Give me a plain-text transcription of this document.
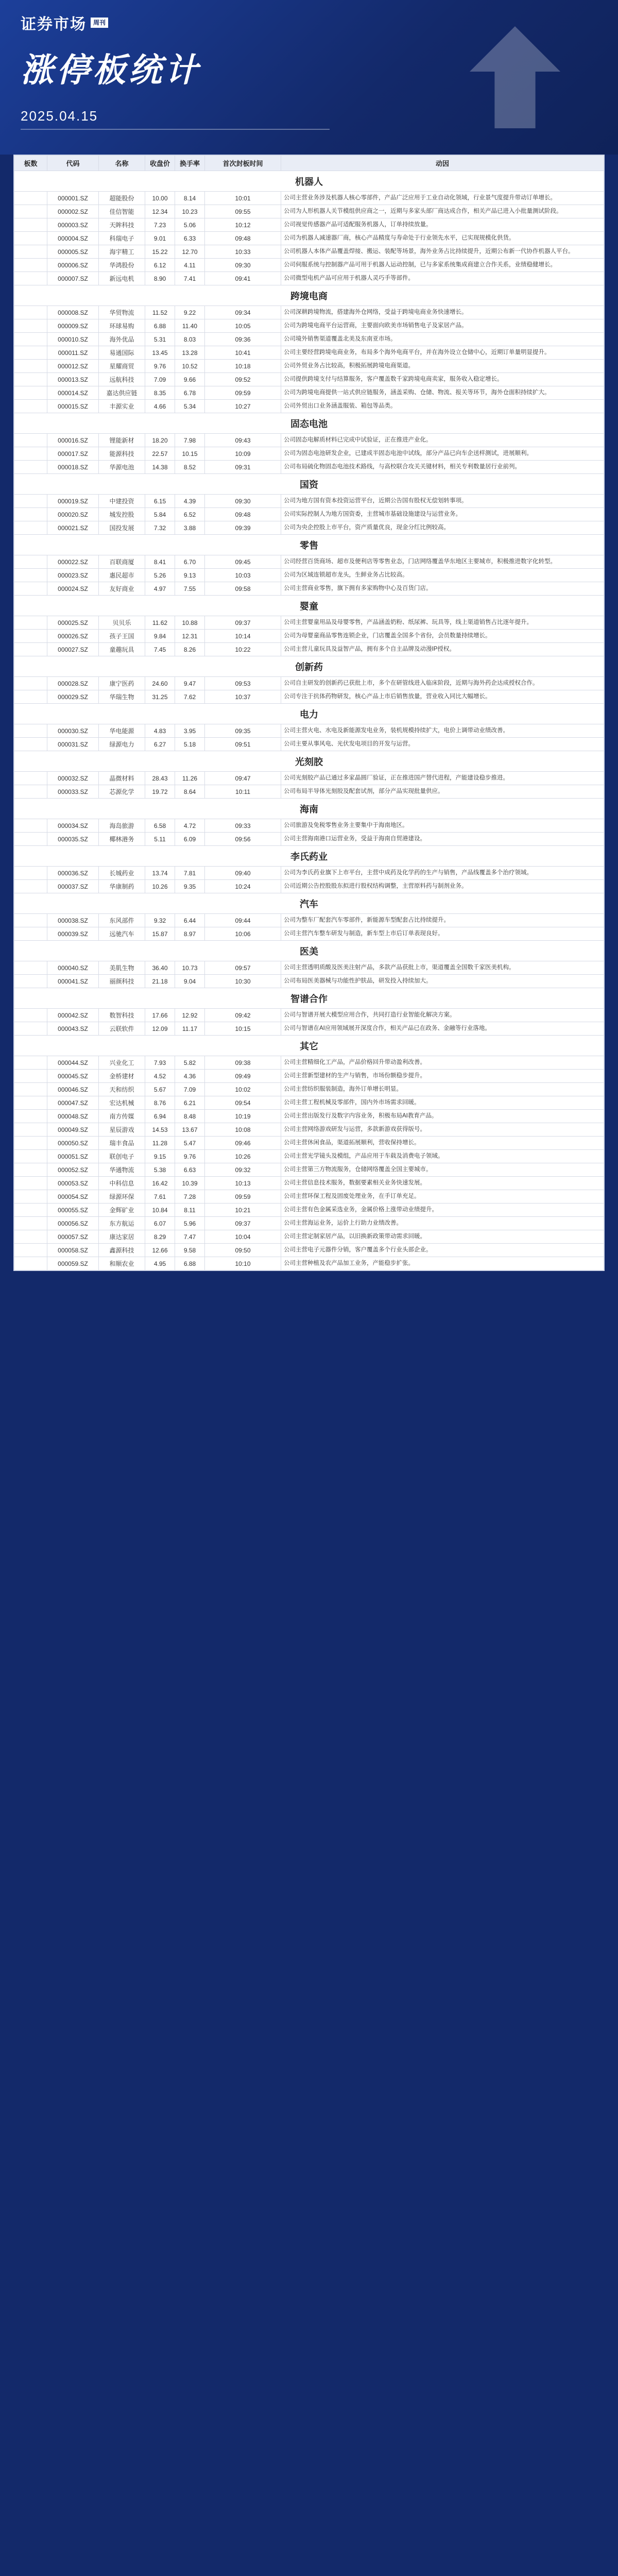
证券市场	周刊
涨停板统计
2025.04.15
板数	代码	名称	收盘价	换手率	首次封板时间	动因
机器人						
	000001.SZ	超能股份	10.00	8.14	10:01	公司主营业务涉及机器人核心零部件，产品广泛应用于工业自动化领域，行业景气度提升带动订单增长。
	000002.SZ	佳信智能	12.34	10.23	09:55	公司为人形机器人关节模组供应商之一，近期与多家头部厂商达成合作，相关产品已进入小批量测试阶段。
	000003.SZ	天眸科技	7.23	5.06	10:12	公司视觉传感器产品可适配服务机器人，订单持续放量。
	000004.SZ	科瑞电子	9.01	6.33	09:48	公司为机器人减速器厂商，核心产品精度与寿命处于行业领先水平，已实现规模化供货。
	000005.SZ	海宇精工	15.22	12.70	10:33	公司机器人本体产品覆盖焊接、搬运、装配等场景，海外业务占比持续提升，近期公布新一代协作机器人平台。
	000006.SZ	华鸿股份	6.12	4.11	09:30	公司伺服系统与控制器产品可用于机器人运动控制，已与多家系统集成商建立合作关系，业绩稳健增长。
	000007.SZ	新远电机	8.90	7.41	09:41	公司微型电机产品可应用于机器人灵巧手等部件。
跨境电商						
	000008.SZ	华贸物流	11.52	9.22	09:34	公司深耕跨境物流，搭建海外仓网络，受益于跨境电商业务快速增长。
	000009.SZ	环球易购	6.88	11.40	10:05	公司为跨境电商平台运营商，主要面向欧美市场销售电子及家居产品。
	000010.SZ	海外优品	5.31	8.03	09:36	公司境外销售渠道覆盖北美及东南亚市场。
	000011.SZ	易通国际	13.45	13.28	10:41	公司主要经营跨境电商业务，布局多个海外电商平台，并在海外设立仓储中心，近期订单量明显提升。
	000012.SZ	星耀商贸	9.76	10.52	10:18	公司外贸业务占比较高，积极拓展跨境电商渠道。
	000013.SZ	远航科技	7.09	9.66	09:52	公司提供跨境支付与结算服务，客户覆盖数千家跨境电商卖家，服务收入稳定增长。
	000014.SZ	嘉达供应链	8.35	6.78	09:59	公司为跨境电商提供一站式供应链服务，涵盖采购、仓储、物流、报关等环节，海外仓面积持续扩大。
	000015.SZ	丰源实业	4.66	5.34	10:27	公司外贸出口业务涵盖服装、箱包等品类。
固态电池						
	000016.SZ	锂能新材	18.20	7.98	09:43	公司固态电解质材料已完成中试验证，正在推进产业化。
	000017.SZ	能源科技	22.57	10.15	10:09	公司为固态电池研发企业，已建成半固态电池中试线，部分产品已向车企送样测试，进展顺利。
	000018.SZ	华源电池	14.38	8.52	09:31	公司布局硫化物固态电池技术路线，与高校联合攻关关键材料，相关专利数量居行业前列。
国资						
	000019.SZ	中建投资	6.15	4.39	09:30	公司为地方国有资本投资运营平台，近期公告国有股权无偿划转事项。
	000020.SZ	城发控股	5.84	6.52	09:48	公司实际控制人为地方国资委，主营城市基础设施建设与运营业务。
	000021.SZ	国投发展	7.32	3.88	09:39	公司为央企控股上市平台，资产质量优良，现金分红比例较高。
零售						
	000022.SZ	百联商厦	8.41	6.70	09:45	公司经营百货商场、超市及便利店等零售业态，门店网络覆盖华东地区主要城市，积极推进数字化转型。
	000023.SZ	惠民超市	5.26	9.13	10:03	公司为区域连锁超市龙头，生鲜业务占比较高。
	000024.SZ	友好商业	4.97	7.55	09:58	公司主营商业零售，旗下拥有多家购物中心及百货门店。
婴童						
	000025.SZ	贝贝乐	11.62	10.88	09:37	公司主营婴童用品及母婴零售，产品涵盖奶粉、纸尿裤、玩具等，线上渠道销售占比逐年提升。
	000026.SZ	孩子王国	9.84	12.31	10:14	公司为母婴童商品零售连锁企业，门店覆盖全国多个省份，会员数量持续增长。
	000027.SZ	童趣玩具	7.45	8.26	10:22	公司主营儿童玩具及益智产品，拥有多个自主品牌及动漫IP授权。
创新药						
	000028.SZ	康宁医药	24.60	9.47	09:53	公司自主研发的创新药已获批上市，多个在研管线进入临床阶段，近期与海外药企达成授权合作。
	000029.SZ	华瑞生物	31.25	7.62	10:37	公司专注于抗体药物研发，核心产品上市后销售放量，营业收入同比大幅增长。
电力						
	000030.SZ	华电能源	4.83	3.95	09:35	公司主营火电、水电及新能源发电业务，装机规模持续扩大，电价上调带动业绩改善。
	000031.SZ	绿源电力	6.27	5.18	09:51	公司主要从事风电、光伏发电项目的开发与运营。
光刻胶						
	000032.SZ	晶微材料	28.43	11.26	09:47	公司光刻胶产品已通过多家晶圆厂验证，正在推进国产替代进程，产能建设稳步推进。
	000033.SZ	芯源化学	19.72	8.64	10:11	公司布局半导体光刻胶及配套试剂，部分产品实现批量供应。
海南						
	000034.SZ	海岛旅游	6.58	4.72	09:33	公司旅游及免税零售业务主要集中于海南地区。
	000035.SZ	椰林港务	5.11	6.09	09:56	公司主营海南港口运营业务，受益于海南自贸港建设。
李氏药业						
	000036.SZ	长城药业	13.74	7.81	09:40	公司为李氏药业旗下上市平台，主营中成药及化学药的生产与销售，产品线覆盖多个治疗领域。
	000037.SZ	华康制药	10.26	9.35	10:24	公司近期公告控股股东拟进行股权结构调整，主营原料药与制剂业务。
汽车						
	000038.SZ	东风部件	9.32	6.44	09:44	公司为整车厂配套汽车零部件，新能源车型配套占比持续提升。
	000039.SZ	远驰汽车	15.87	8.97	10:06	公司主营汽车整车研发与制造，新车型上市后订单表现良好。
医美						
	000040.SZ	美肌生物	36.40	10.73	09:57	公司主营透明质酸及医美注射产品，多款产品获批上市，渠道覆盖全国数千家医美机构。
	000041.SZ	丽颜科技	21.18	9.04	10:30	公司布局医美器械与功能性护肤品，研发投入持续加大。
智谱合作						
	000042.SZ	数智科技	17.66	12.92	09:42	公司与智谱开展大模型应用合作，共同打造行业智能化解决方案。
	000043.SZ	云联软件	12.09	11.17	10:15	公司与智谱在AI应用领域展开深度合作，相关产品已在政务、金融等行业落地。
其它						
	000044.SZ	兴业化工	7.93	5.82	09:38	公司主营精细化工产品，产品价格回升带动盈利改善。
	000045.SZ	金桥建材	4.52	4.36	09:49	公司主营新型建材的生产与销售，市场份额稳步提升。
	000046.SZ	天和纺织	5.67	7.09	10:02	公司主营纺织服装制造，海外订单增长明显。
	000047.SZ	宏达机械	8.76	6.21	09:54	公司主营工程机械及零部件，国内外市场需求回暖。
	000048.SZ	南方传媒	6.94	8.48	10:19	公司主营出版发行及数字内容业务，积极布局AI教育产品。
	000049.SZ	星辰游戏	14.53	13.67	10:08	公司主营网络游戏研发与运营，多款新游戏获得版号。
	000050.SZ	瑞丰食品	11.28	5.47	09:46	公司主营休闲食品，渠道拓展顺利，营收保持增长。
	000051.SZ	联创电子	9.15	9.76	10:26	公司主营光学镜头及模组，产品应用于车载及消费电子领域。
	000052.SZ	华通物流	5.38	6.63	09:32	公司主营第三方物流服务，仓储网络覆盖全国主要城市。
	000053.SZ	中科信息	16.42	10.39	10:13	公司主营信息技术服务，数据要素相关业务快速发展。
	000054.SZ	绿源环保	7.61	7.28	09:59	公司主营环保工程及固废处理业务，在手订单充足。
	000055.SZ	金辉矿业	10.84	8.11	10:21	公司主营有色金属采选业务，金属价格上涨带动业绩提升。
	000056.SZ	东方航运	6.07	5.96	09:37	公司主营海运业务，运价上行助力业绩改善。
	000057.SZ	康达家居	8.29	7.47	10:04	公司主营定制家居产品，以旧换新政策带动需求回暖。
	000058.SZ	鑫源科技	12.66	9.58	09:50	公司主营电子元器件分销，客户覆盖多个行业头部企业。
	000059.SZ	和顺农业	4.95	6.88	10:10	公司主营种植及农产品加工业务，产能稳步扩张。
